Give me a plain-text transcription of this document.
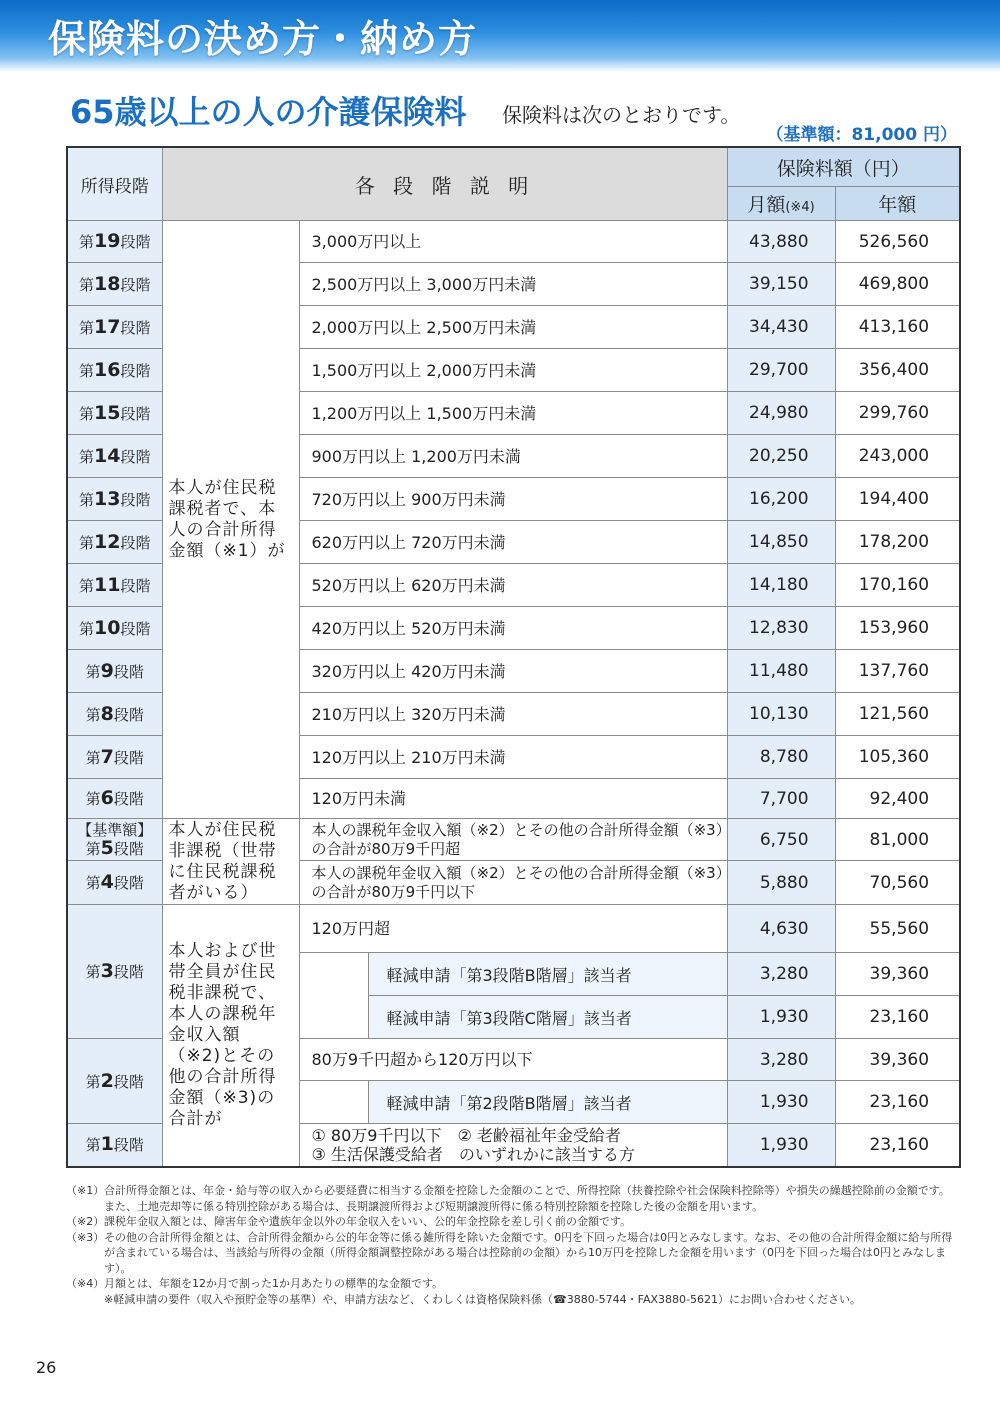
保険料の決め方・納め方
65歳以上の人の介護保険料 保険料は次のとおりです。
（基準額：81,000 円）
所得段階	各 段 階 説 明			保険料額（円）	
				月額(※4)	年額
第19段階	本人が住民税課税者で、本人の合計所得金額（※1）が	3,000万円以上		43,880	526,560
第18段階		2,500万円以上 3,000万円未満		39,150	469,800
第17段階		2,000万円以上 2,500万円未満		34,430	413,160
第16段階		1,500万円以上 2,000万円未満		29,700	356,400
第15段階		1,200万円以上 1,500万円未満		24,980	299,760
第14段階		900万円以上 1,200万円未満		20,250	243,000
第13段階		720万円以上 900万円未満		16,200	194,400
第12段階		620万円以上 720万円未満		14,850	178,200
第11段階		520万円以上 620万円未満		14,180	170,160
第10段階		420万円以上 520万円未満		12,830	153,960
第9段階		320万円以上 420万円未満		11,480	137,760
第8段階		210万円以上 320万円未満		10,130	121,560
第7段階		120万円以上 210万円未満		8,780	105,360
第6段階		120万円未満		7,700	92,400
【基準額】
第5段階	本人が住民税非課税（世帯に住民税課税者がいる）	本人の課税年金収入額（※2）とその他の合計所得金額（※3）の合計が80万9千円超		6,750	81,000
第4段階		本人の課税年金収入額（※2）とその他の合計所得金額（※3）の合計が80万9千円以下		5,880	70,560
第3段階	本人および世帯全員が住民税非課税で、本人の課税年金収入額（※2)とその他の合計所得金額（※3)の合計が	120万円超		4,630	55,560
			軽減申請「第3段階B階層」該当者	3,280	39,360
			軽減申請「第3段階C階層」該当者	1,930	23,160
第2段階		80万9千円超から120万円以下		3,280	39,360
			軽減申請「第2段階B階層」該当者	1,930	23,160
第1段階		① 80万9千円以下　② 老齢福祉年金受給者
③ 生活保護受給者　のいずれかに該当する方		1,930	23,160
（※1） 合計所得金額とは、年金・給与等の収入から必要経費に相当する金額を控除した金額のことで、所得控除（扶養控除や社会保険料控除等）や損失の繰越控除前の金額です。
また、土地売却等に係る特別控除がある場合は、長期譲渡所得および短期譲渡所得に係る特別控除額を控除した後の金額を用います。
（※2） 課税年金収入額とは、障害年金や遺族年金以外の年金収入をいい、公的年金控除を差し引く前の金額です。
（※3） その他の合計所得金額とは、合計所得金額から公的年金等に係る雑所得を除いた金額です。0円を下回った場合は0円とみなします。なお、その他の合計所得金額に給与所得が含まれている場合は、当該給与所得の金額（所得金額調整控除がある場合は控除前の金額）から10万円を控除した金額を用います（0円を下回った場合は0円とみなします）。
（※4） 月額とは、年額を12か月で割った1か月あたりの標準的な金額です。
※軽減申請の要件（収入や預貯金等の基準）や、申請方法など、くわしくは資格保険料係（☎3880-5744・FAX3880-5621）にお問い合わせください。
26
